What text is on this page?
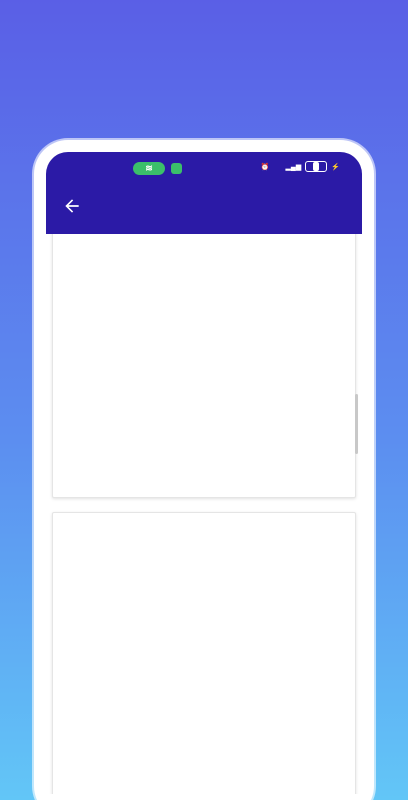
≋	⏰ ▂▄▆	⚡
